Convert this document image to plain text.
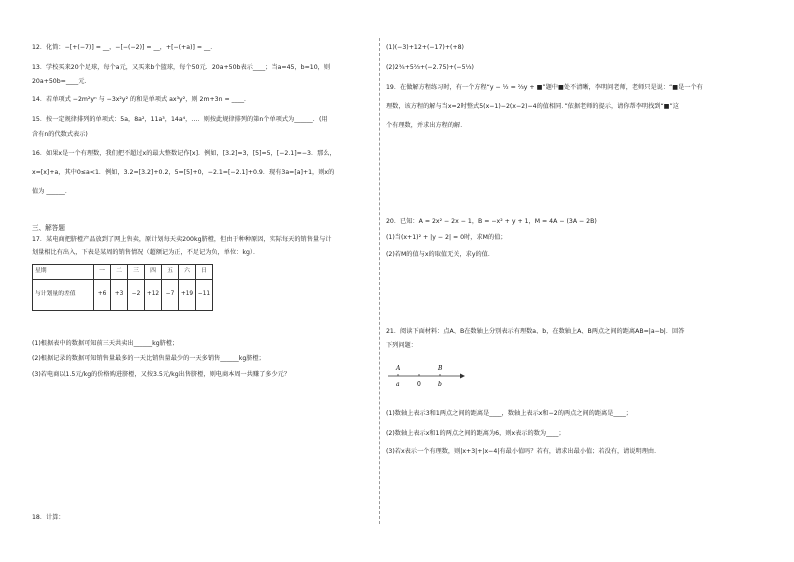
12．化简：−[+(−7)] = __，−[−(−2)] = __，+[−(+a)] = __．
13．学校买来20个足球，每个a元，又买来b个篮球，每个50元．20a+50b表示____；当a=45，b=10，则
20a+50b=____元．
14．若单项式 −2m²yⁿ 与 −3x²y² 的和是单项式 ax³y²，则 2m+3n = ____．
15．按一定规律排列的单项式：5a，8a²，11a³，14a⁴，…．则按此规律排列的第n个单项式为______．(用
含有n的代数式表示)
16．如果x是一个有理数，我们把不超过x的最大整数记作[x]．例如，[3.2]=3，[5]=5，[−2.1]=−3．那么，
x=[x]+a，其中0≤a<1．例如，3.2=[3.2]+0.2，5=[5]+0，−2.1=[−2.1]+0.9．现有3a=[a]+1，则x的
值为 ______．
三、解答题
17．某电商把脐橙产品放到了网上售卖，原计划每天卖200kg脐橙，但由于种种原因，实际每天的销售量与计
划量相比有出入，下表是某周的销售情况（超额记为正，不足记为负，单位：kg）．
星期	一	二	三	四	五	六	日
与计划量的差值	+6	+3	−2	+12	−7	+19	−11
(1)根据表中的数据可知前三天共卖出______kg脐橙；
(2)根据记录的数据可知销售量最多的一天比销售量最少的一天多销售______kg脐橙；
(3)若电商以1.5元/kg的价格购进脐橙，又按3.5元/kg出售脐橙，则电商本周一共赚了多少元？
18．计算：
(1)(−3)+12+(−17)+(+8)
(2)2¾+5⅔+(−2.75)+(−5⅓)
19．在做解方程练习时，有一个方程“y − ½ = ⅔y + ■”题中■处不清晰，李明问老师，老师只是说：“■是一个有
理数，该方程的解与当x=2时整式5(x−1)−2(x−2)−4的值相同．”依据老师的提示，请你帮李明找到“■”这
个有理数，并求出方程的解．
20．已知：A = 2x² − 2x − 1，B = −x² + y + 1，M = 4A − (3A − 2B)
(1)当(x+1)² + |y − 2| = 0时，求M的值；
(2)若M的值与x的取值无关，求y的值．
21．阅读下面材料：点A、B在数轴上分别表示有理数a、b，在数轴上A、B两点之间的距离AB=|a−b|．回答
下列问题：
A	B
a	0	b
(1)数轴上表示3和1两点之间的距离是____，数轴上表示x和−2的两点之间的距离是____；
(2)数轴上表示x和1的两点之间的距离为6，则x表示的数为____；
(3)若x表示一个有理数，则|x+3|+|x−4|有最小值吗？若有，请求出最小值；若没有，请说明理由．
